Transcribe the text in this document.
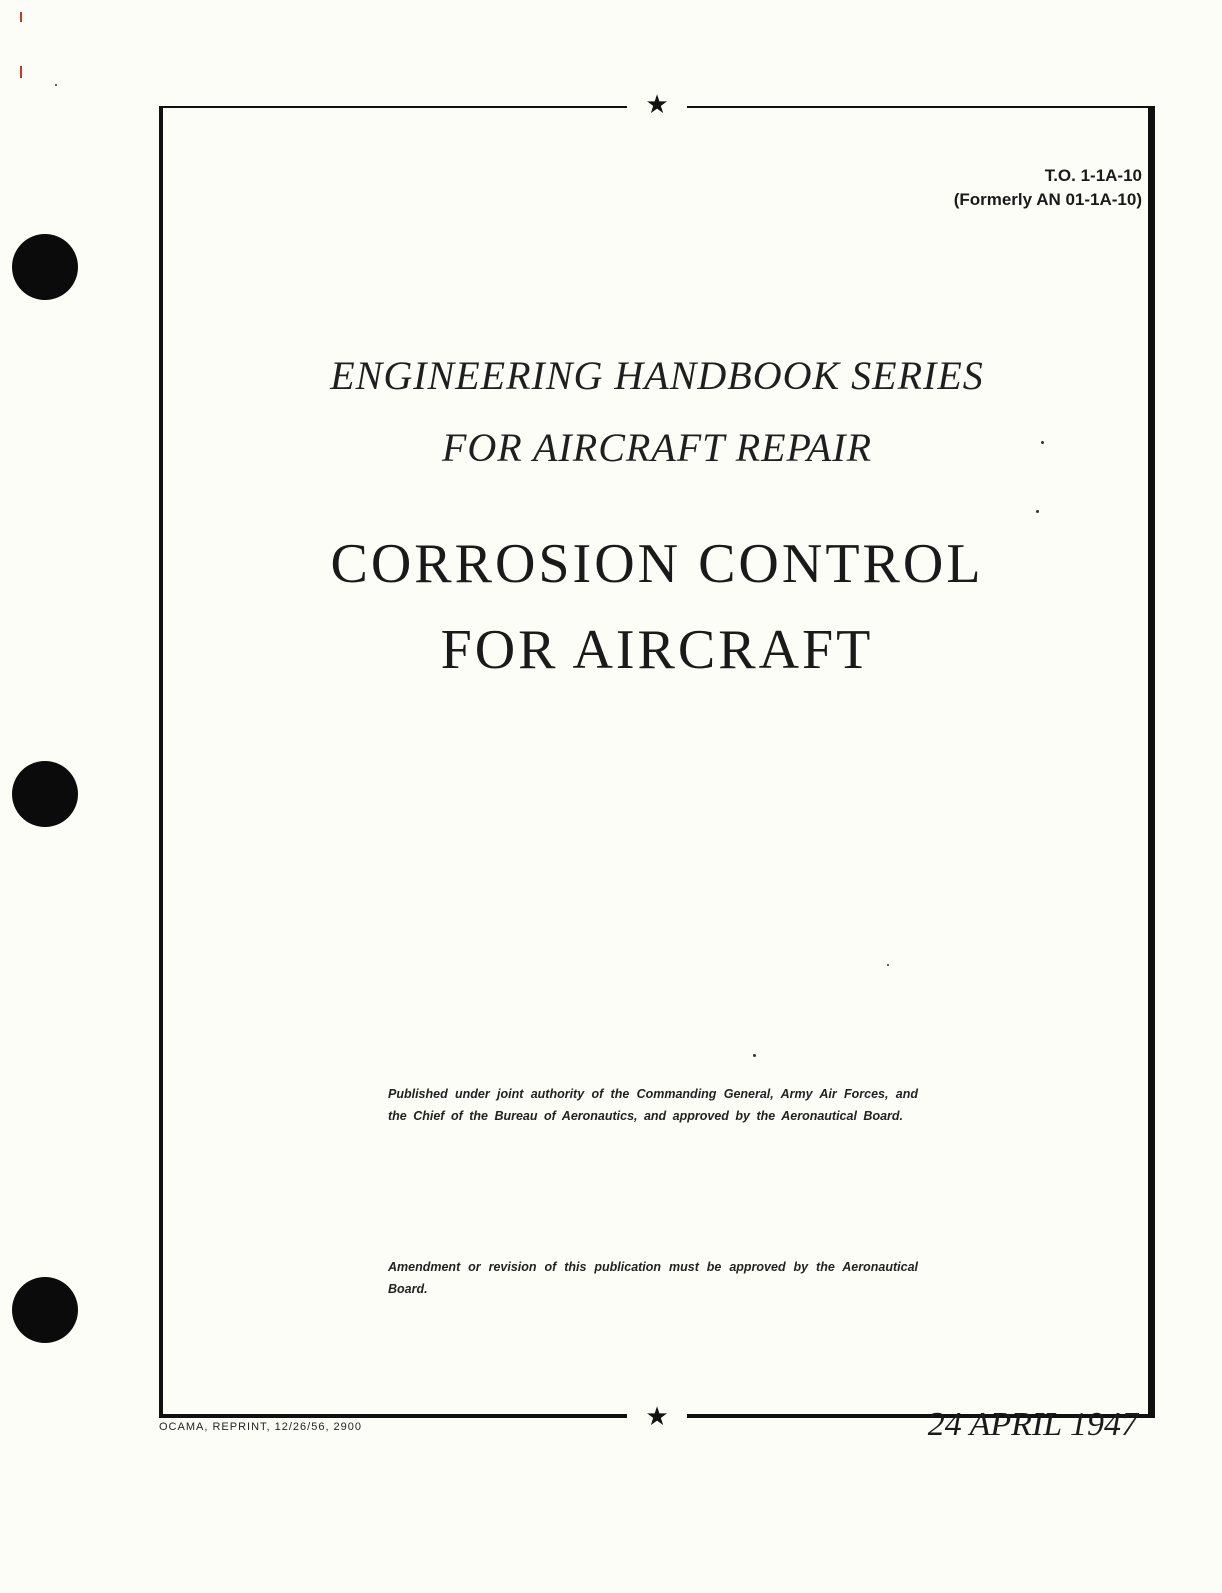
★
★
T.O. 1-1A-10
(Formerly AN 01-1A-10)
ENGINEERING HANDBOOK SERIES
FOR AIRCRAFT REPAIR
CORROSION CONTROL
FOR AIRCRAFT
Published under joint authority of the Commanding General, Army Air Forces, and the Chief of the Bureau of Aeronautics, and approved by the Aeronautical Board.
Amendment or revision of this publication must be approved by the Aeronautical Board.
OCAMA, REPRINT, 12/26/56, 2900	24 APRIL 1947
